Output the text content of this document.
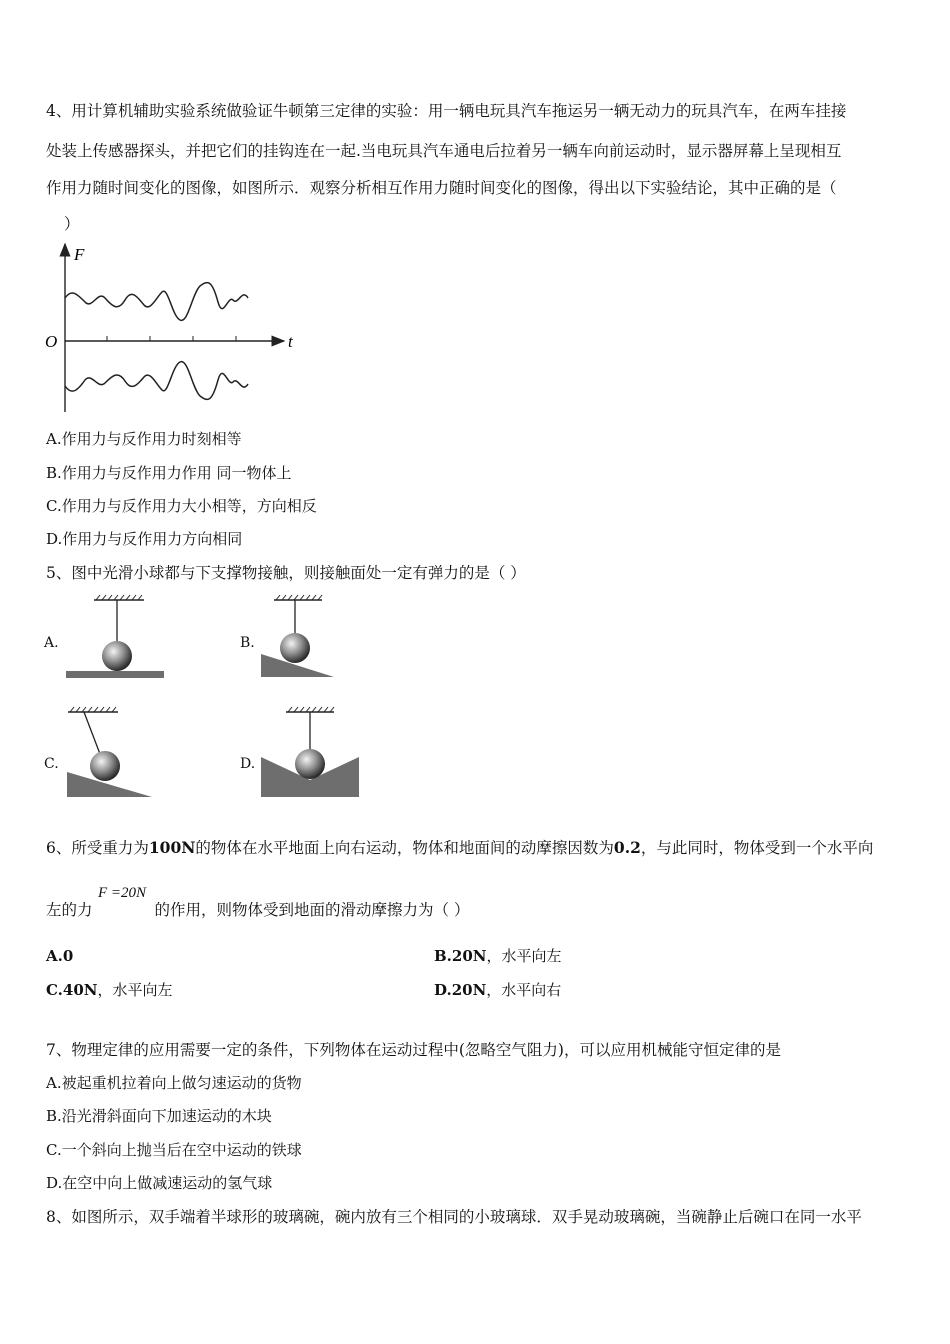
4、用计算机辅助实验系统做验证牛顿第三定律的实验：用一辆电玩具汽车拖运另一辆无动力的玩具汽车，在两车挂接
处装上传感器探头，并把它们的挂钩连在一起.当电玩具汽车通电后拉着另一辆车向前运动时，显示器屏幕上呈现相互
作用力随时间变化的图像，如图所示．观察分析相互作用力随时间变化的图像，得出以下实验结论，其中正确的是（
）
F
t
O
A.作用力与反作用力时刻相等
B.作用力与反作用力作用 同一物体上
C.作用力与反作用力大小相等，方向相反
D.作用力与反作用力方向相同
5、图中光滑小球都与下支撑物接触，则接触面处一定有弹力的是（ ）
A.	B.
C.	D.
6、所受重力为100N的物体在水平地面上向右运动，物体和地面间的动摩擦因数为0.2，与此同时，物体受到一个水平向
左的力	的作用，则物体受到地面的滑动摩擦力为（ ）
F =20N
A.0	B.20N，水平向左
C.40N，水平向左	D.20N，水平向右
7、物理定律的应用需要一定的条件，下列物体在运动过程中(忽略空气阻力)，可以应用机械能守恒定律的是
A.被起重机拉着向上做匀速运动的货物
B.沿光滑斜面向下加速运动的木块
C.一个斜向上抛当后在空中运动的铁球
D.在空中向上做减速运动的氢气球
8、如图所示，双手端着半球形的玻璃碗，碗内放有三个相同的小玻璃球．双手晃动玻璃碗，当碗静止后碗口在同一水平
